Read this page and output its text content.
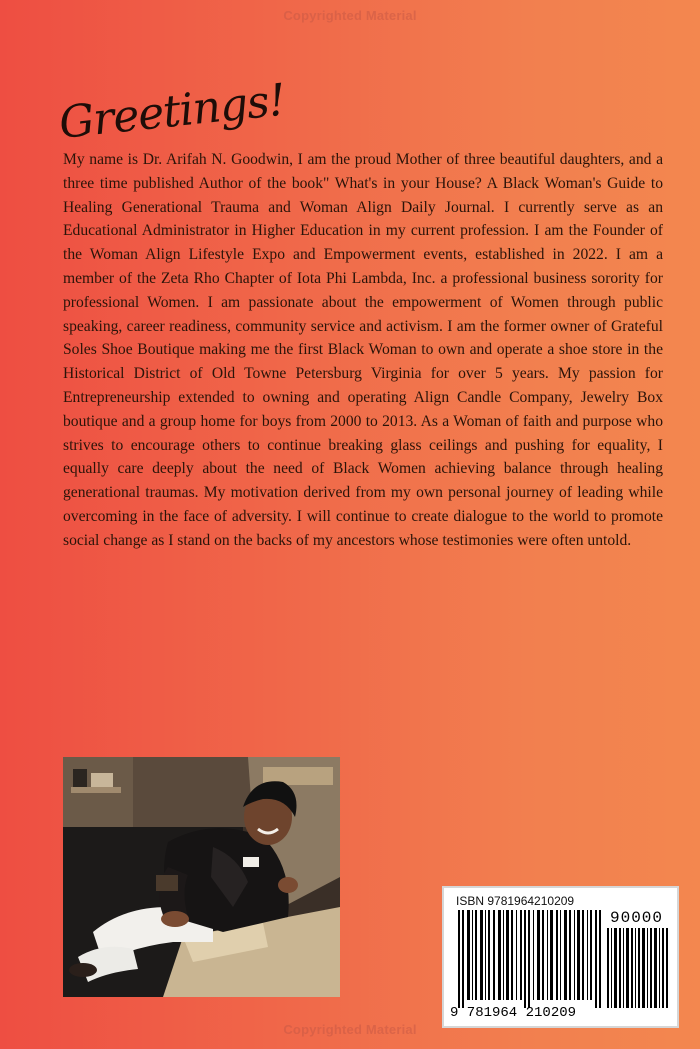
Copyrighted Material
Greetings!
My name is Dr. Arifah N. Goodwin, I am the proud Mother of three beautiful daughters, and a three time published Author of the book" What's in your House? A Black Woman's Guide to Healing Generational Trauma and Woman Align Daily Journal. I currently serve as an Educational Administrator in Higher Education in my current profession. I am the Founder of the Woman Align Lifestyle Expo and Empowerment events, established in 2022. I am a member of the Zeta Rho Chapter of Iota Phi Lambda, Inc. a professional business sorority for professional Women. I am passionate about the empowerment of Women through public speaking, career readiness, community service and activism. I am the former owner of Grateful Soles Shoe Boutique making me the first Black Woman to own and operate a shoe store in the Historical District of Old Towne Petersburg Virginia for over 5 years. My passion for Entrepreneurship extended to owning and operating Align Candle Company, Jewelry Box boutique and a group home for boys from 2000 to 2013. As a Woman of faith and purpose who strives to encourage others to continue breaking glass ceilings and pushing for equality, I equally care deeply about the need of Black Women achieving balance through healing generational traumas. My motivation derived from my own personal journey of leading while overcoming in the face of adversity. I will continue to create dialogue to the world to promote social change as I stand on the backs of my ancestors whose testimonies were often untold.
ISBN 9781964210209
90000
9 781964 210209
Copyrighted Material
